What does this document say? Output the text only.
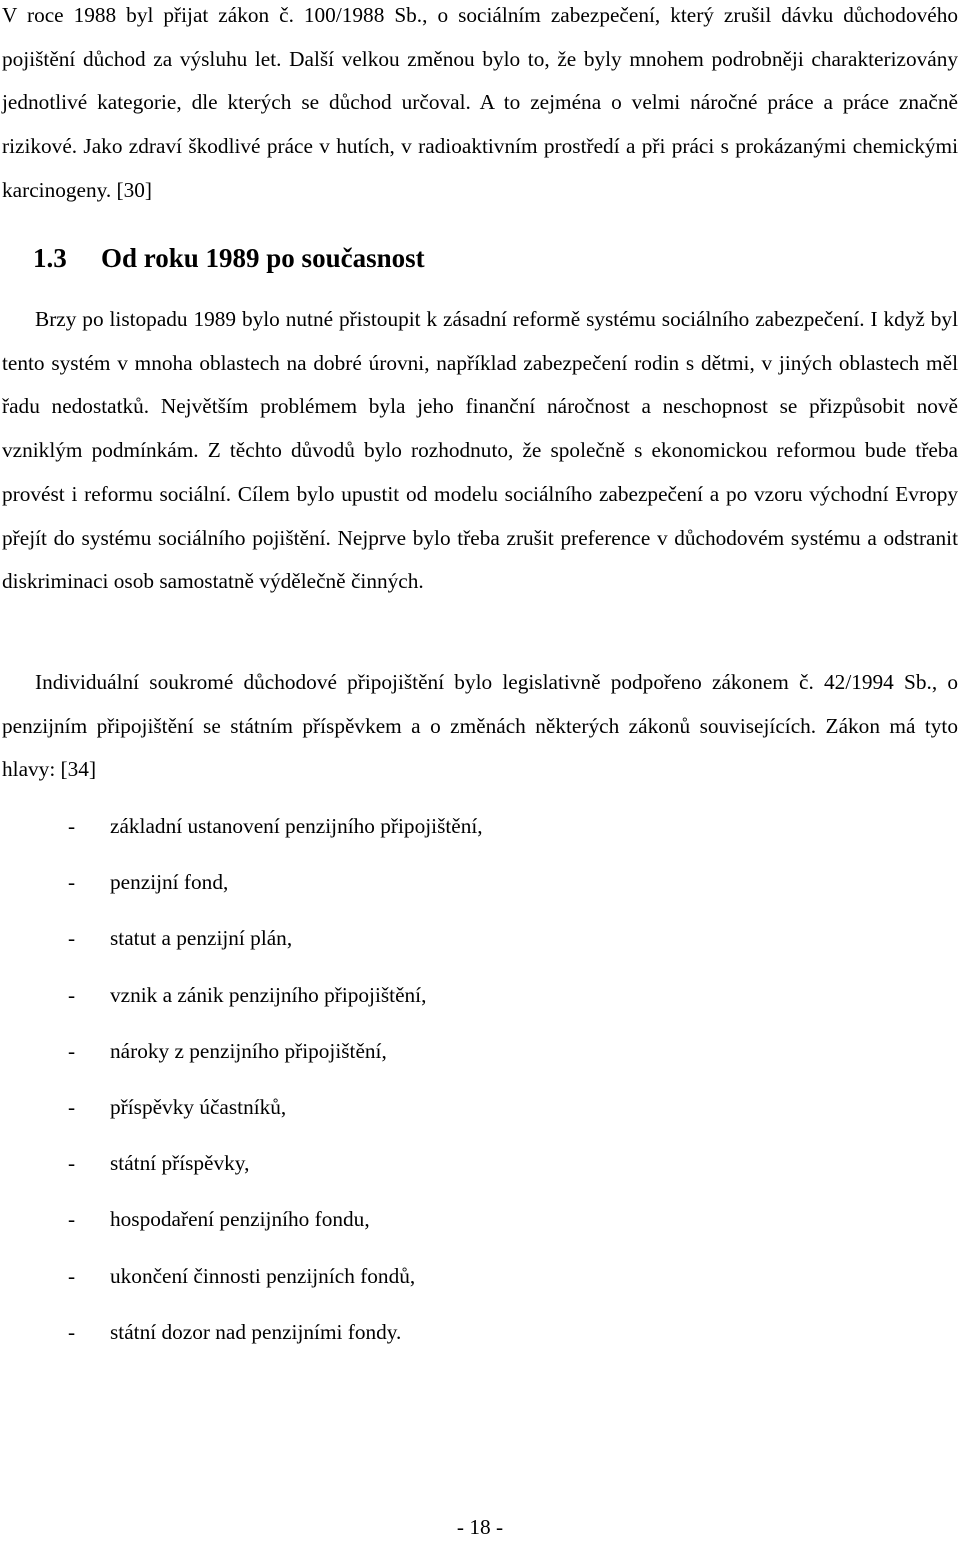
V roce 1988 byl přijat zákon č. 100/1988 Sb., o sociálním zabezpečení, který zrušil dávku důchodového pojištění důchod za výsluhu let. Další velkou změnou bylo to, že byly mnohem podrobněji charakterizovány jednotlivé kategorie, dle kterých se důchod určoval. A to zejména o velmi náročné práce a práce značně rizikové. Jako zdraví škodlivé práce v hutích, v radioaktivním prostředí a při práci s prokázanými chemickými karcinogeny. [30]

1.3 Od roku 1989 po současnost

Brzy po listopadu 1989 bylo nutné přistoupit k zásadní reformě systému sociálního zabezpečení. I když byl tento systém v mnoha oblastech na dobré úrovni, například zabezpečení rodin s dětmi, v jiných oblastech měl řadu nedostatků. Největším problémem byla jeho finanční náročnost a neschopnost se přizpůsobit nově vzniklým podmínkám. Z těchto důvodů bylo rozhodnuto, že společně s ekonomickou reformou bude třeba provést i reformu sociální. Cílem bylo upustit od modelu sociálního zabezpečení a po vzoru východní Evropy přejít do systému sociálního pojištění. Nejprve bylo třeba zrušit preference v důchodovém systému a odstranit diskriminaci osob samostatně výdělečně činných.

Individuální soukromé důchodové připojištění bylo legislativně podpořeno zákonem č. 42/1994 Sb., o penzijním připojištění se státním příspěvkem a o změnách některých zákonů souvisejících. Zákon má tyto hlavy: [34]

- základní ustanovení penzijního připojištění,
- penzijní fond,
- statut a penzijní plán,
- vznik a zánik penzijního připojištění,
- nároky z penzijního připojištění,
- příspěvky účastníků,
- státní příspěvky,
- hospodaření penzijního fondu,
- ukončení činnosti penzijních fondů,
- státní dozor nad penzijními fondy.
- 18 -
